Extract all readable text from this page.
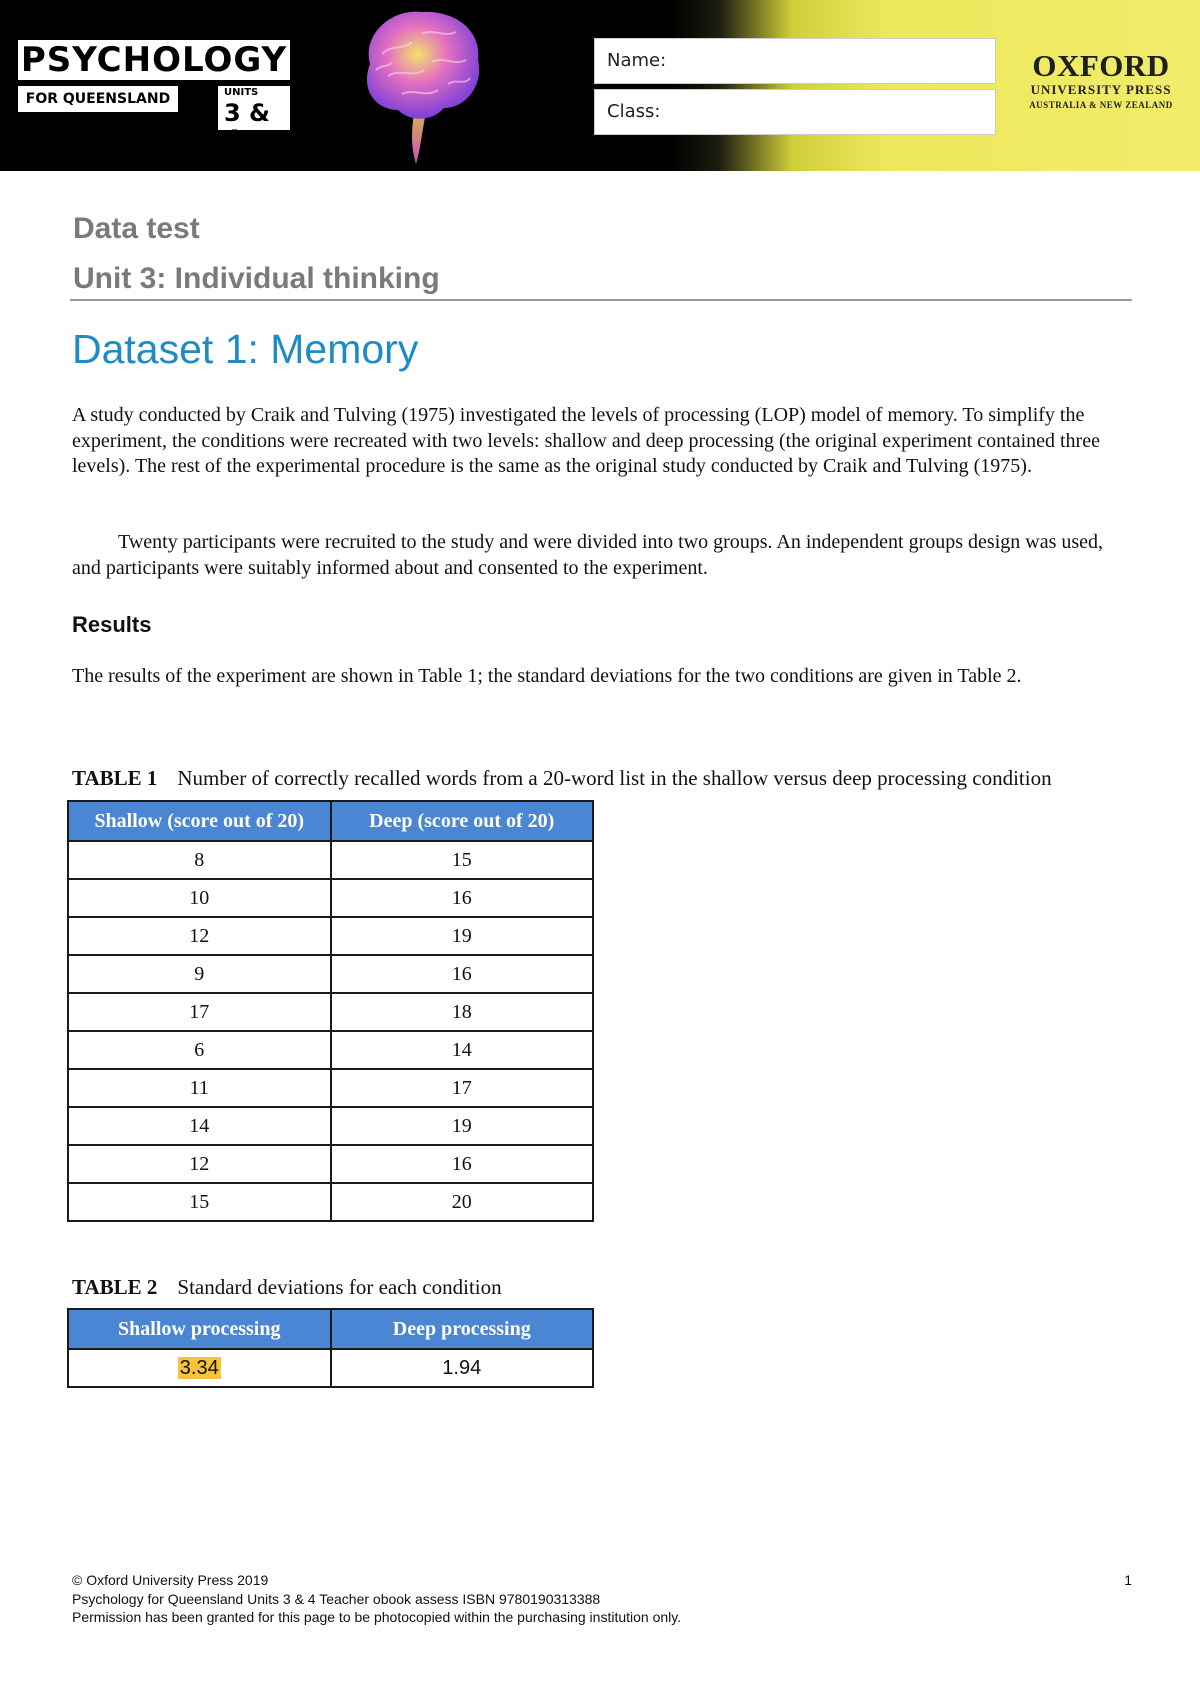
PSYCHOLOGY
FOR QUEENSLAND	UNITS
3 & 4
Name:
Class:
OXFORD
UNIVERSITY PRESS
AUSTRALIA & NEW ZEALAND
Data test
Unit 3: Individual thinking
Dataset 1: Memory

A study conducted by Craik and Tulving (1975) investigated the levels of processing (LOP) model of memory. To simplify the experiment, the conditions were recreated with two levels: shallow and deep processing (the original experiment contained three levels). The rest of the experimental procedure is the same as the original study conducted by Craik and Tulving (1975).

Twenty participants were recruited to the study and were divided into two groups. An independent groups design was used, and participants were suitably informed about and consented to the experiment.

Results

The results of the experiment are shown in Table 1; the standard deviations for the two conditions are given in Table 2.

TABLE 1 Number of correctly recalled words from a 20-word list in the shallow versus deep processing condition
Shallow (score out of 20)	Deep (score out of 20)
8	15
10	16
12	19
9	16
17	18
6	14
11	17
14	19
12	16
15	20
TABLE 2 Standard deviations for each condition
Shallow processing	Deep processing
3.34	1.94
© Oxford University Press 2019
Psychology for Queensland Units 3 & 4 Teacher obook assess ISBN 9780190313388
Permission has been granted for this page to be photocopied within the purchasing institution only.
1
